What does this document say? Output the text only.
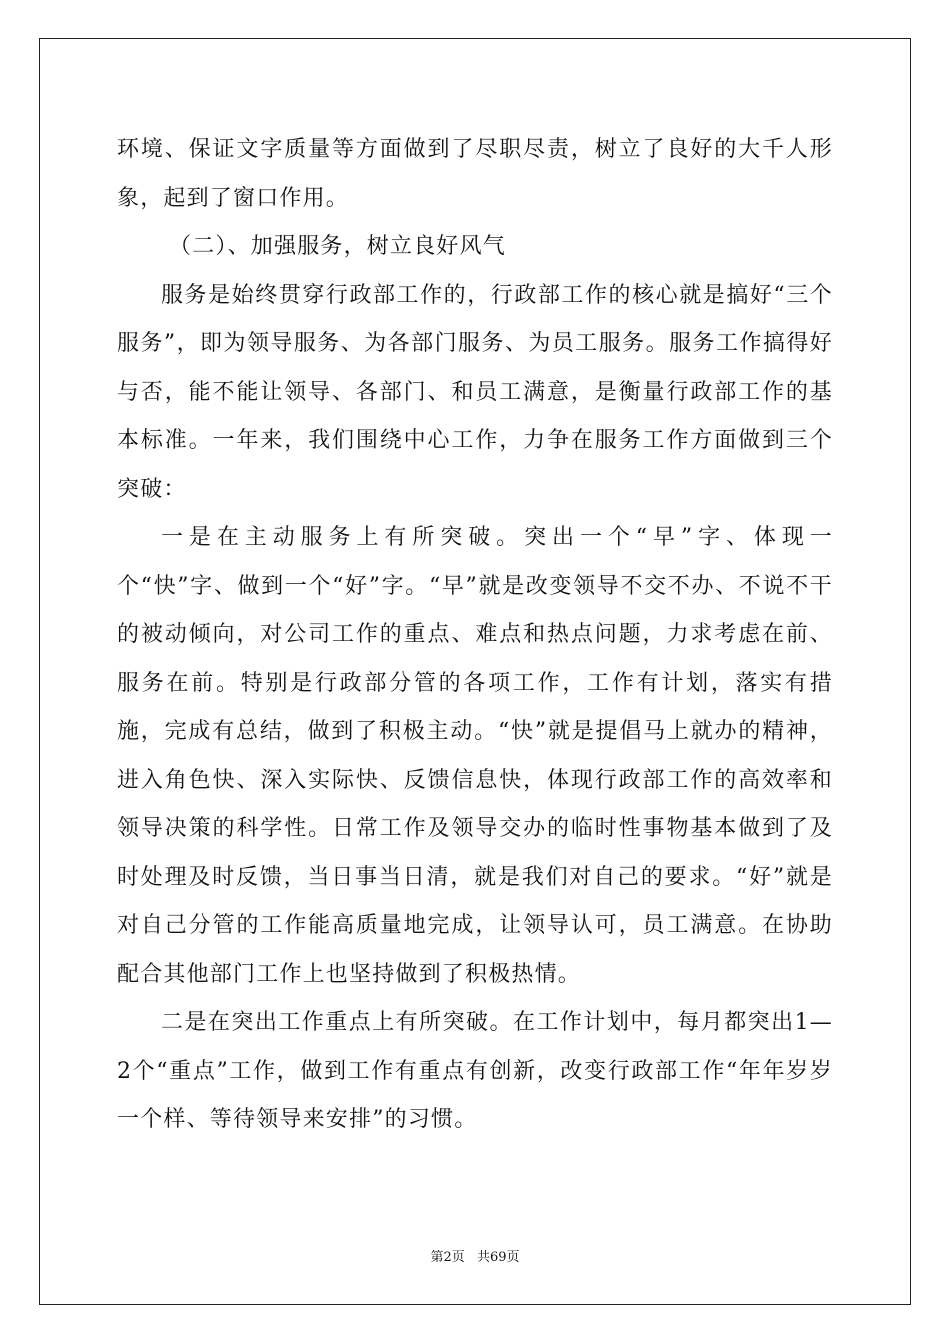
环境、保证文字质量等方面做到了尽职尽责，树立了良好的大千人形象，起到了窗口作用。

（二）、加强服务，树立良好风气

服务是始终贯穿行政部工作的，行政部工作的核心就是搞好“三个服务”，即为领导服务、为各部门服务、为员工服务。服务工作搞得好与否，能不能让领导、各部门、和员工满意，是衡量行政部工作的基本标准。一年来，我们围绕中心工作，力争在服务工作方面做到三个突破：

一是在主动服务上有所突破。突出一个“早”字、体现一个“快”字、做到一个“好”字。“早”就是改变领导不交不办、不说不干的被动倾向，对公司工作的重点、难点和热点问题，力求考虑在前、服务在前。特别是行政部分管的各项工作，工作有计划，落实有措施，完成有总结，做到了积极主动。“快”就是提倡马上就办的精神，进入角色快、深入实际快、反馈信息快，体现行政部工作的高效率和领导决策的科学性。日常工作及领导交办的临时性事物基本做到了及时处理及时反馈，当日事当日清，就是我们对自己的要求。“好”就是对自己分管的工作能高质量地完成，让领导认可，员工满意。在协助配合其他部门工作上也坚持做到了积极热情。

二是在突出工作重点上有所突破。在工作计划中，每月都突出1—2个“重点”工作，做到工作有重点有创新，改变行政部工作“年年岁岁一个样、等待领导来安排”的习惯。

第2页 共69页
